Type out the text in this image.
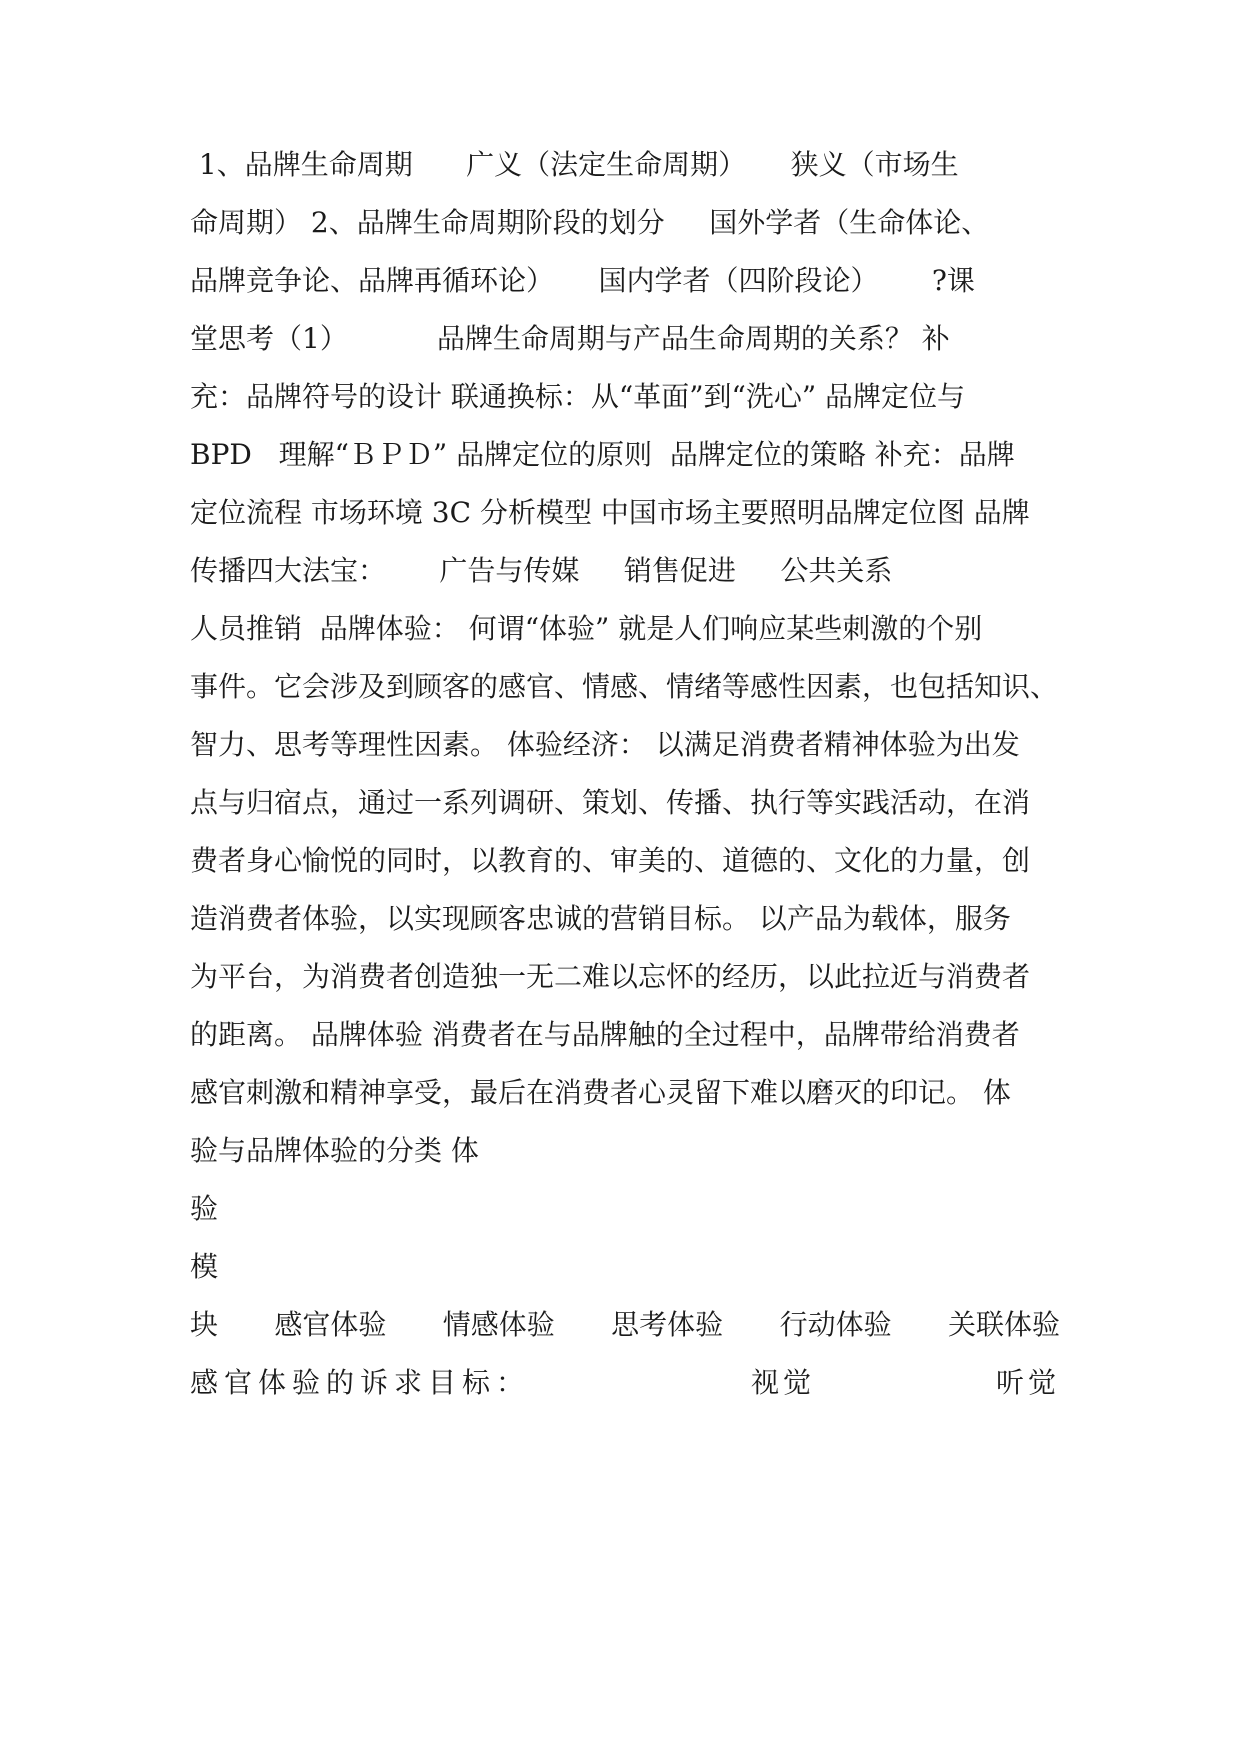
1、品牌生命周期      广义（法定生命周期）     狭义（市场生
命周期） 2、品牌生命周期阶段的划分     国外学者（生命体论、
品牌竞争论、品牌再循环论）     国内学者（四阶段论）      ?课
堂思考（1）          品牌生命周期与产品生命周期的关系？ 补
充：品牌符号的设计 联通换标：从“革面”到“洗心” 品牌定位与
BPD   理解“ＢＰＤ” 品牌定位的原则  品牌定位的策略 补充：品牌
定位流程 市场环境 3C 分析模型 中国市场主要照明品牌定位图 品牌
传播四大法宝：      广告与传媒     销售促进     公共关系
人员推销  品牌体验： 何谓“体验” 就是人们响应某些刺激的个别
事件。它会涉及到顾客的感官、情感、情绪等感性因素，也包括知识、
智力、思考等理性因素。 体验经济： 以满足消费者精神体验为出发
点与归宿点，通过一系列调研、策划、传播、执行等实践活动，在消
费者身心愉悦的同时，以教育的、审美的、道德的、文化的力量，创
造消费者体验，以实现顾客忠诚的营销目标。 以产品为载体，服务
为平台，为消费者创造独一无二难以忘怀的经历，以此拉近与消费者
的距离。 品牌体验 消费者在与品牌触的全过程中，品牌带给消费者
感官刺激和精神享受，最后在消费者心灵留下难以磨灭的印记。 体
验与品牌体验的分类 体
验
模
块 感官体验 情感体验 思考体验 行动体验 关联体验
感官体验的诉求目标：	视觉	听觉
